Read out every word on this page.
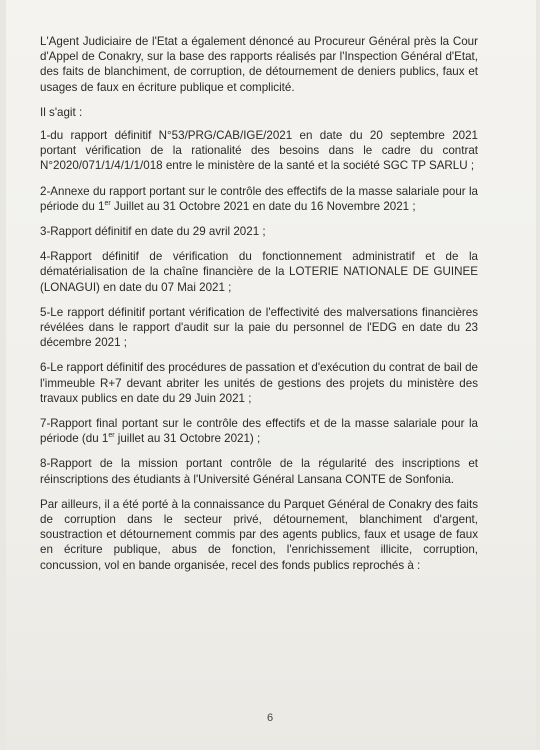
L'Agent Judiciaire de l'Etat a également dénoncé au Procureur Général près la Cour d'Appel de Conakry, sur la base des rapports réalisés par l'Inspection Général d'Etat, des faits de blanchiment, de corruption, de détournement de deniers publics, faux et usages de faux en écriture publique et complicité.

Il s'agit :

1-du rapport définitif N°53/PRG/CAB/IGE/2021 en date du 20 septembre 2021 portant vérification de la rationalité des besoins dans le cadre du contrat N°2020/071/1/4/1/1/018 entre le ministère de la santé et la société SGC TP SARLU ;

2-Annexe du rapport portant sur le contrôle des effectifs de la masse salariale pour la période du 1er Juillet au 31 Octobre 2021 en date du 16 Novembre 2021 ;

3-Rapport définitif en date du 29 avril 2021 ;

4-Rapport définitif de vérification du fonctionnement administratif et de la dématérialisation de la chaîne financière de la LOTERIE NATIONALE DE GUINEE (LONAGUI) en date du 07 Mai 2021 ;

5-Le rapport définitif portant vérification de l'effectivité des malversations financières révélées dans le rapport d'audit sur la paie du personnel de l'EDG en date du 23 décembre 2021 ;

6-Le rapport définitif des procédures de passation et d'exécution du contrat de bail de l'immeuble R+7 devant abriter les unités de gestions des projets du ministère des travaux publics en date du 29 Juin 2021 ;

7-Rapport final portant sur le contrôle des effectifs et de la masse salariale pour la période (du 1er juillet au 31 Octobre 2021) ;

8-Rapport de la mission portant contrôle de la régularité des inscriptions et réinscriptions des étudiants à l'Université Général Lansana CONTE de Sonfonia.

Par ailleurs, il a été porté à la connaissance du Parquet Général de Conakry des faits de corruption dans le secteur privé, détournement, blanchiment d'argent, soustraction et détournement commis par des agents publics, faux et usage de faux en écriture publique, abus de fonction, l'enrichissement illicite, corruption, concussion, vol en bande organisée, recel des fonds publics reprochés à :

6
